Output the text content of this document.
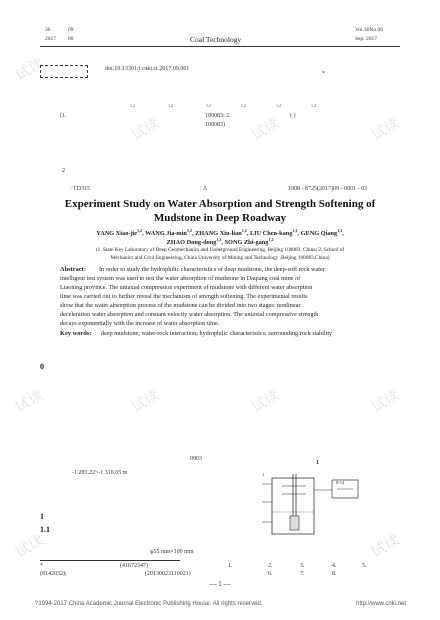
36	09
2017 09	Coal Technology
Vol.36No.09
Sep. 2017
doi:10.13301/j.cnki.ct.2017.09.001
*
1,2	1,2	1,2	1,2	1,2	1,2
(1.	100083; 2.	( )
100083)
2
: TD315	: A	1008 - 8725(2017)09 - 0001 - 03
Experiment Study on Water Absorption and Strength Softening of
Mudstone in Deep Roadway
YANG Xiao-jie$^{1,2}$, WANG Jia-$\min^{1,2}$, ZHANG Xiu-lian$^{1,2}$, LIU Chen-kang$^{1,2}$, GENG Qiang$^{1,2}$,
ZHAO Dong-dong$^{1,2}$, SONG Zhi-gang$^{1,2}$
(1. State Key Laboratory of Deep Geomechanics and Underground Engineering, Beijing 100083, China; 2. School of
Mechanics and Civil Engineering, China University of Mining and Technology ,Beijing 100083,China)
Abstract: In order to study the hydrophilic characteristics of deep mudstone, the deep-soft rock water
intelligent test system was used to test the water absorption of mudstone in Daqiang coal mine of
Liaoning province. The uniaxial compression experiment of mudstone with different water absorption
time was carried out to further reveal the mechanism of strength softening. The experimental results
show that the water absorption process of the mudstone can be divided into two stages: nonlinear
deceleration water absorption and constant velocity water absorption. The uniaxial compressive strength
decays exponentially with the increase of water absorption time.
Key words: deep mudstone; water-rock interaction; hydrophilic characteristics; surrounding rock stability
0
0903
-1 283.22~-1 310.65 m
1
1
1.1
φ55 mm×100 mm
1
8-14
*	(41672347)
(8142032);	(20130023110021)
1.	2.	3.	4.	5.
6.	7.	8.
— 1 —
?1994-2017 China Academic Journal Electronic Publishing House. All rights reserved.	http://www.cnki.net
试读
试读	试读	试读
试读	试读	试读	试读
试读	试读
